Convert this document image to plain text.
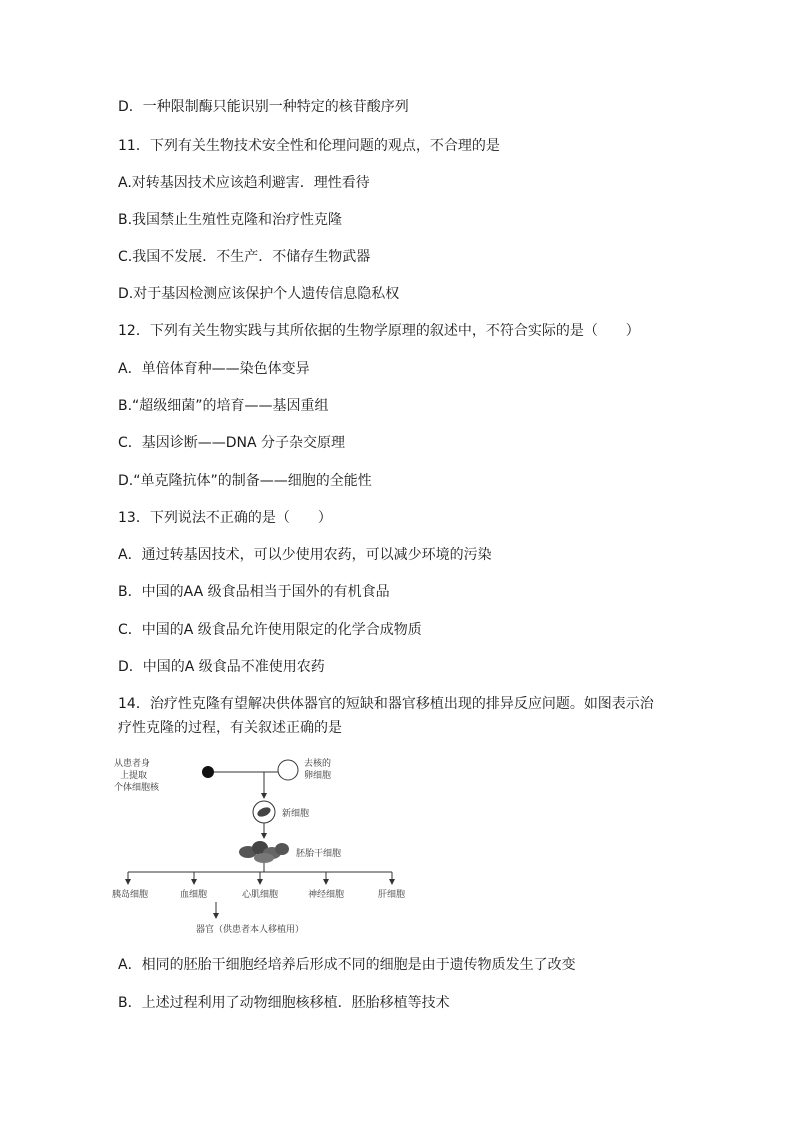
D．一种限制酶只能识别一种特定的核苷酸序列
11．下列有关生物技术安全性和伦理问题的观点，不合理的是
A.对转基因技术应该趋利避害．理性看待
B.我国禁止生殖性克隆和治疗性克隆
C.我国不发展．不生产．不储存生物武器
D.对于基因检测应该保护个人遗传信息隐私权
12．下列有关生物实践与其所依据的生物学原理的叙述中，不符合实际的是（　　）
A．单倍体育种——染色体变异
B.“超级细菌”的培育——基因重组
C．基因诊断——DNA 分子杂交原理
D.“单克隆抗体”的制备——细胞的全能性
13．下列说法不正确的是（　　）
A．通过转基因技术，可以少使用农药，可以减少环境的污染
B．中国的AA 级食品相当于国外的有机食品
C．中国的A 级食品允许使用限定的化学合成物质
D．中国的A 级食品不准使用农药
14．治疗性克隆有望解决供体器官的短缺和器官移植出现的排异反应问题。如图表示治
疗性克隆的过程，有关叙述正确的是
A．相同的胚胎干细胞经培养后形成不同的细胞是由于遗传物质发生了改变
B．上述过程利用了动物细胞核移植．胚胎移植等技术
从患者身
上提取
个体细胞核
去核的
卵细胞
新细胞
胚胎干细胞
胰岛细胞	血细胞	心肌细胞	神经细胞	肝细胞
器官（供患者本人移植用）
